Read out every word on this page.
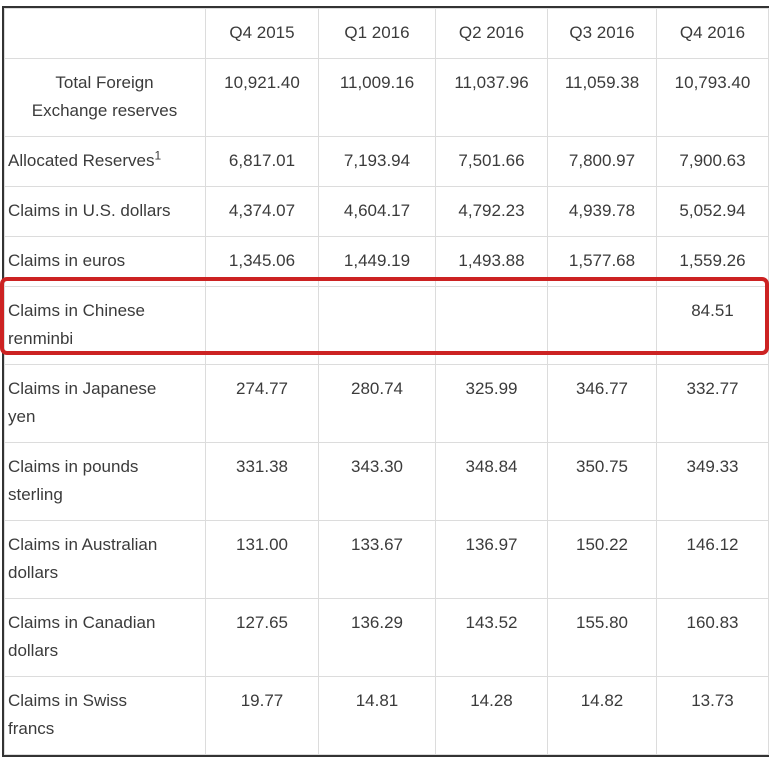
	Q4 2015	Q1 2016	Q2 2016	Q3 2016	Q4 2016

Total Foreign
Exchange reserves	10,921.40	11,009.16	11,037.96	11,059.38	10,793.40

Allocated Reserves$^1$	6,817.01	7,193.94	7,501.66	7,800.97	7,900.63

Claims in U.S. dollars	4,374.07	4,604.17	4,792.23	4,939.78	5,052.94

Claims in euros	1,345.06	1,449.19	1,493.88	1,577.68	1,559.26

Claims in Chinese
renminbi					84.51

Claims in Japanese
yen	274.77	280.74	325.99	346.77	332.77

Claims in pounds
sterling	331.38	343.30	348.84	350.75	349.33

Claims in Australian
dollars	131.00	133.67	136.97	150.22	146.12

Claims in Canadian
dollars	127.65	136.29	143.52	155.80	160.83

Claims in Swiss
francs	19.77	14.81	14.28	14.82	13.73
